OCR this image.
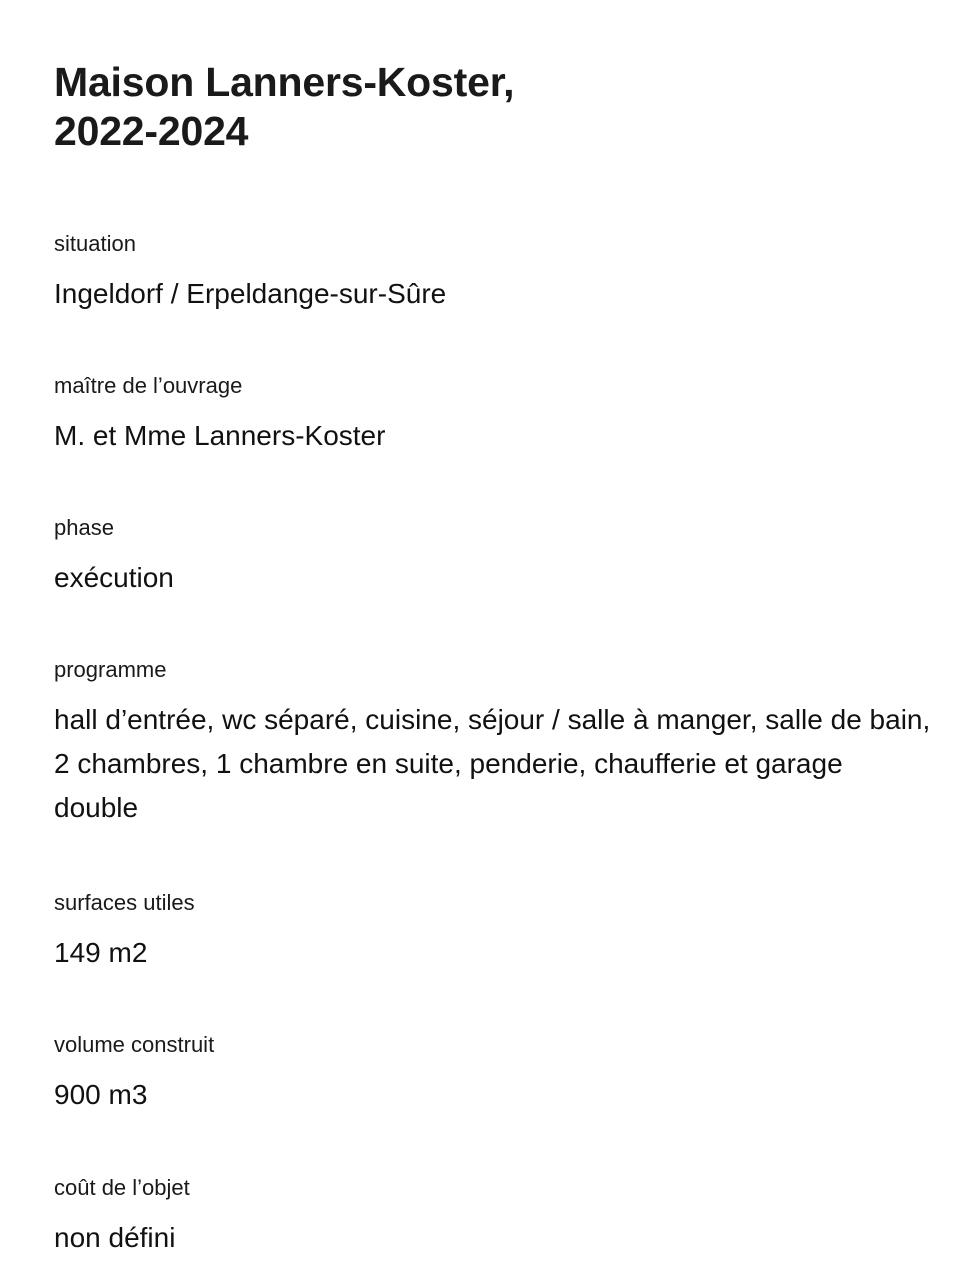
Maison Lanners-Koster,
2022-2024

situation

Ingeldorf / Erpeldange-sur-Sûre

maître de l’ouvrage

M. et Mme Lanners-Koster

phase

exécution

programme

hall d’entrée, wc séparé, cuisine, séjour / salle à manger, salle de bain, 2 chambres, 1 chambre en suite, penderie, chaufferie et garage double

surfaces utiles

149 m2

volume construit

900 m3

coût de l’objet

non défini
